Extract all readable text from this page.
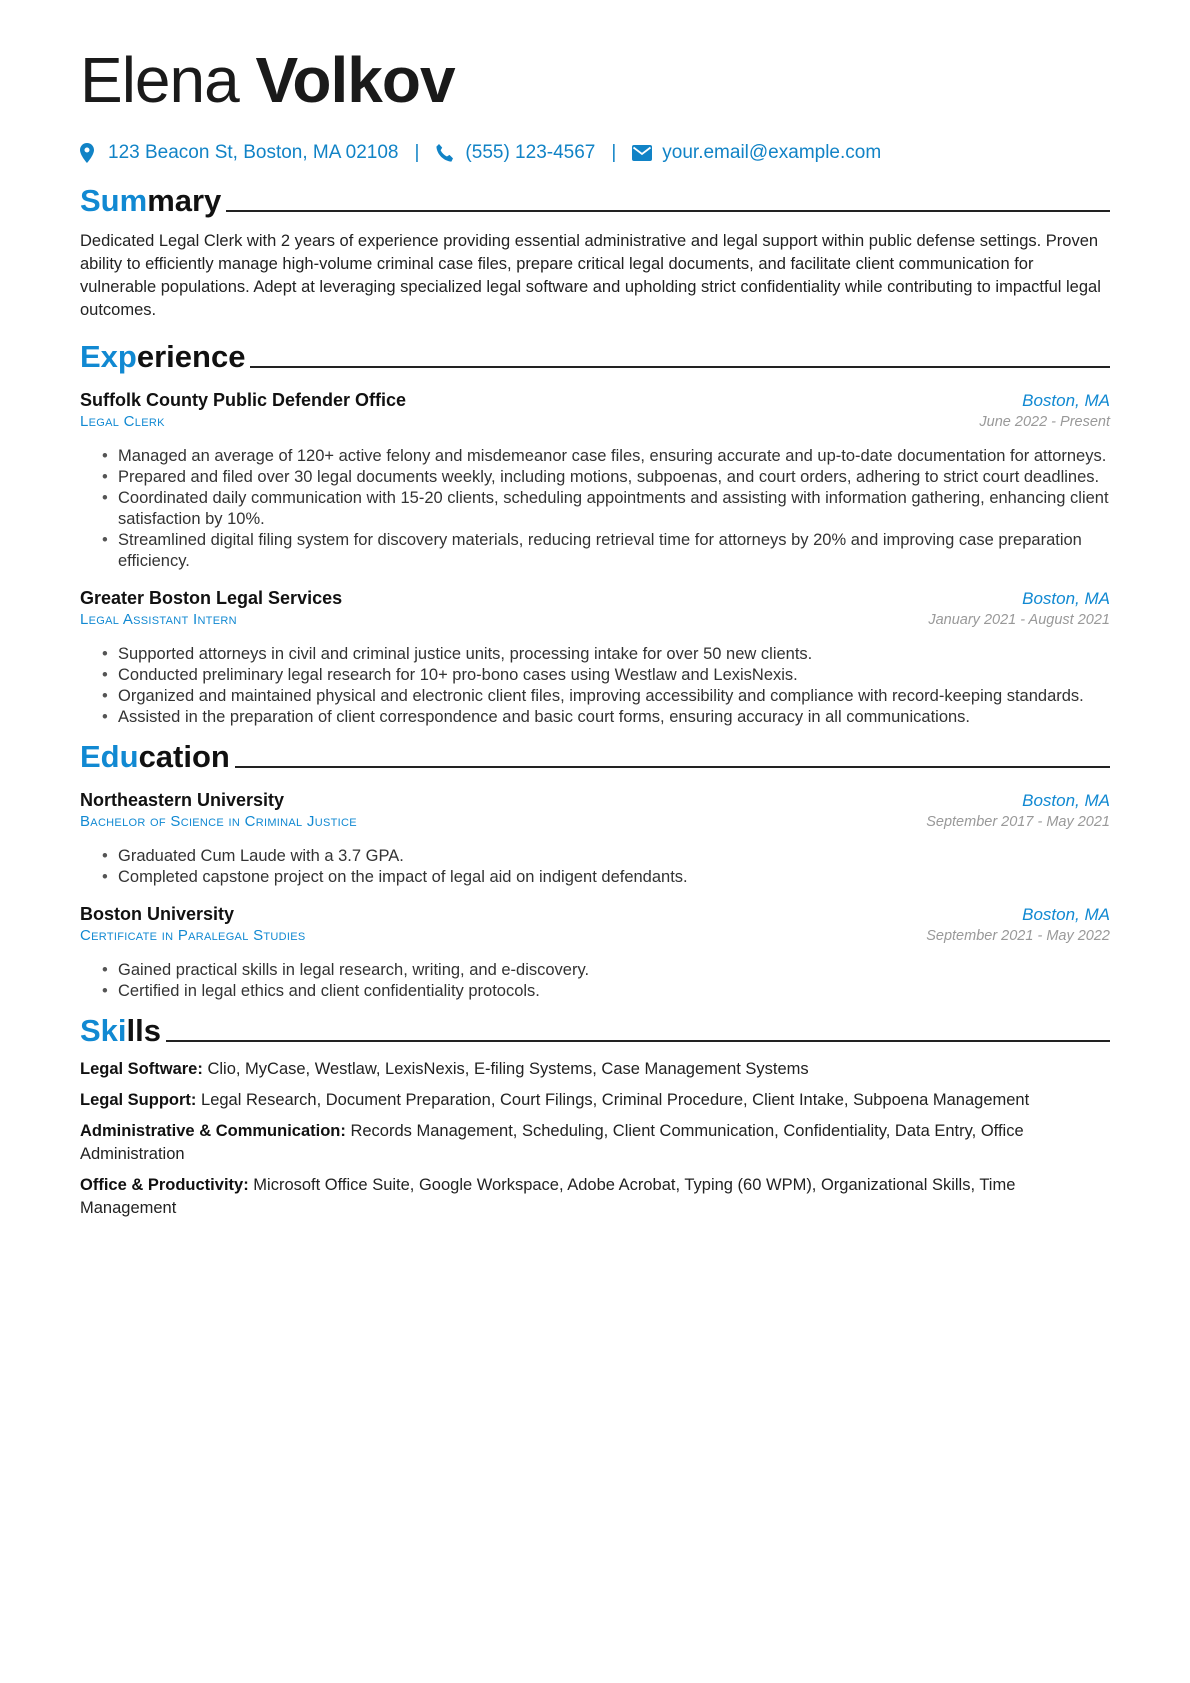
Elena Volkov
123 Beacon St, Boston, MA 02108 | (555) 123-4567 | your.email@example.com
Summary
Dedicated Legal Clerk with 2 years of experience providing essential administrative and legal support within public defense settings. Proven ability to efficiently manage high-volume criminal case files, prepare critical legal documents, and facilitate client communication for vulnerable populations. Adept at leveraging specialized legal software and upholding strict confidentiality while contributing to impactful legal outcomes.
Experience
Suffolk County Public Defender Office	Boston, MA
Legal Clerk	June 2022 - Present
• Managed an average of 120+ active felony and misdemeanor case files, ensuring accurate and up-to-date documentation for attorneys.
• Prepared and filed over 30 legal documents weekly, including motions, subpoenas, and court orders, adhering to strict court deadlines.
• Coordinated daily communication with 15-20 clients, scheduling appointments and assisting with information gathering, enhancing client satisfaction by 10%.
• Streamlined digital filing system for discovery materials, reducing retrieval time for attorneys by 20% and improving case preparation efficiency.
Greater Boston Legal Services	Boston, MA
Legal Assistant Intern	January 2021 - August 2021
• Supported attorneys in civil and criminal justice units, processing intake for over 50 new clients.
• Conducted preliminary legal research for 10+ pro-bono cases using Westlaw and LexisNexis.
• Organized and maintained physical and electronic client files, improving accessibility and compliance with record-keeping standards.
• Assisted in the preparation of client correspondence and basic court forms, ensuring accuracy in all communications.
Education
Northeastern University	Boston, MA
Bachelor of Science in Criminal Justice	September 2017 - May 2021
• Graduated Cum Laude with a 3.7 GPA.
• Completed capstone project on the impact of legal aid on indigent defendants.
Boston University	Boston, MA
Certificate in Paralegal Studies	September 2021 - May 2022
• Gained practical skills in legal research, writing, and e-discovery.
• Certified in legal ethics and client confidentiality protocols.
Skills
Legal Software: Clio, MyCase, Westlaw, LexisNexis, E-filing Systems, Case Management Systems
Legal Support: Legal Research, Document Preparation, Court Filings, Criminal Procedure, Client Intake, Subpoena Management
Administrative & Communication: Records Management, Scheduling, Client Communication, Confidentiality, Data Entry, Office Administration
Office & Productivity: Microsoft Office Suite, Google Workspace, Adobe Acrobat, Typing (60 WPM), Organizational Skills, Time Management
